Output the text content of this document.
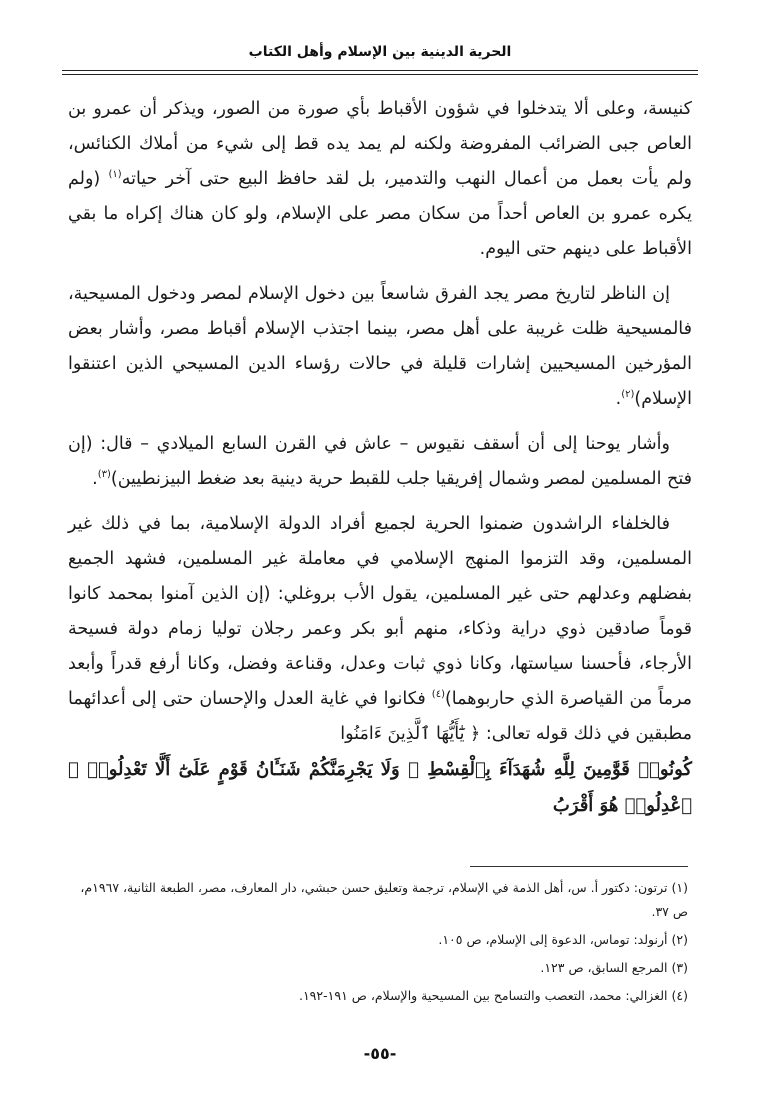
الحرية الدينية بين الإسلام وأهل الكتاب

كنيسة، وعلى ألا يتدخلوا في شؤون الأقباط بأي صورة من الصور، ويذكر أن عمرو بن العاص جبى الضرائب المفروضة ولكنه لم يمد يده قط إلى شيء من أملاك الكنائس، ولم يأت بعمل من أعمال النهب والتدمير، بل لقد حافظ البيع حتى آخر حياته$^{(١)}$ (ولم يكره عمرو بن العاص أحداً من سكان مصر على الإسلام، ولو كان هناك إكراه ما بقي الأقباط على دينهم حتى اليوم.

إن الناظر لتاريخ مصر يجد الفرق شاسعاً بين دخول الإسلام لمصر ودخول المسيحية، فالمسيحية ظلت غريبة على أهل مصر، بينما اجتذب الإسلام أقباط مصر، وأشار بعض المؤرخين المسيحيين إشارات قليلة في حالات رؤساء الدين المسيحي الذين اعتنقوا الإسلام)$^{(٢)}$.

وأشار يوحنا إلى أن أسقف نقيوس – عاش في القرن السابع الميلادي – قال: (إن فتح المسلمين لمصر وشمال إفريقيا جلب للقبط حرية دينية بعد ضغط البيزنطيين)$^{(٣)}$.

فالخلفاء الراشدون ضمنوا الحرية لجميع أفراد الدولة الإسلامية، بما في ذلك غير المسلمين، وقد التزموا المنهج الإسلامي في معاملة غير المسلمين، فشهد الجميع بفضلهم وعدلهم حتى غير المسلمين، يقول الأب بروغلي: (إن الذين آمنوا بمحمد كانوا قوماً صادقين ذوي دراية وذكاء، منهم أبو بكر وعمر رجلان توليا زمام دولة فسيحة الأرجاء، فأحسنا سياستها، وكانا ذوي ثبات وعدل، وقناعة وفضل، وكانا أرفع قدراً وأبعد مرماً من القياصرة الذي حاربوهما)$^{(٤)}$ فكانوا في غاية العدل والإحسان حتى إلى أعدائهما مطبقين في ذلك قوله تعالى: ﴿ يَٰٓأَيُّهَا ٱلَّذِينَ ءَامَنُوا
كُونُوا۟ قَوَّٰمِينَ لِلَّهِ شُهَدَآءَ بِٱلْقِسْطِ ۖ وَلَا يَجْرِمَنَّكُمْ شَنَـَٔانُ قَوْمٍ عَلَىٰٓ أَلَّا تَعْدِلُوا۟ ۚ ٱعْدِلُوا۟ هُوَ أَقْرَبُ

(١)ترتون: دكتور أ. س، أهل الذمة في الإسلام، ترجمة وتعليق حسن حبشي، دار المعارف، مصر، الطبعة الثانية، ١٩٦٧م، ص ٣٧.
(٢)أرنولد: توماس، الدعوة إلى الإسلام، ص ١٠٥.
(٣)المرجع السابق، ص ١٢٣.
(٤)الغزالي: محمد، التعصب والتسامح بين المسيحية والإسلام، ص ١٩١-١٩٢.
-٥٥-
